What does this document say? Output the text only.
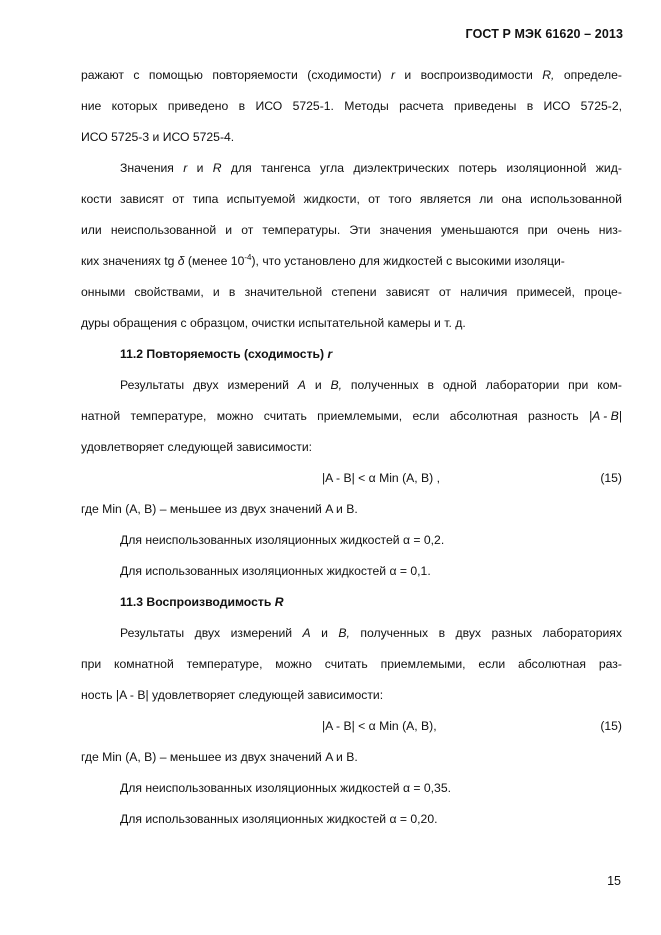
ГОСТ Р МЭК 61620 – 2013
ражают с помощью повторяемости (сходимости) r и воспроизводимости R, определе-
ние которых приведено в ИСО 5725-1. Методы расчета приведены в ИСО 5725-2,
ИСО 5725-3 и ИСО 5725-4.
Значения r и R для тангенса угла диэлектрических потерь изоляционной жид-
кости зависят от типа испытуемой жидкости, от того является ли она использованной
или неиспользованной и от температуры. Эти значения уменьшаются при очень низ-
ких значениях tg δ (менее $10^{-4}$), что установлено для жидкостей с высокими изоляци-
онными свойствами, и в значительной степени зависят от наличия примесей, проце-
дуры обращения с образцом, очистки испытательной камеры и т. д.
11.2 Повторяемость (сходимость) r
Результаты двух измерений A и B, полученных в одной лаборатории при ком-
натной температуре, можно считать приемлемыми, если абсолютная разность |A - B|
удовлетворяет следующей зависимости:
|A - B| < α Min (A, B) ,	(15)
где Min (A, B) – меньшее из двух значений A и B.
Для неиспользованных изоляционных жидкостей α = 0,2.
Для использованных изоляционных жидкостей α = 0,1.
11.3 Воспроизводимость R
Результаты двух измерений A и B, полученных в двух разных лабораториях
при комнатной температуре, можно считать приемлемыми, если абсолютная раз-
ность |A - B| удовлетворяет следующей зависимости:
|A - B| < α Min (A, B),	(15)
где Min (A, B) – меньшее из двух значений A и B.
Для неиспользованных изоляционных жидкостей α = 0,35.
Для использованных изоляционных жидкостей α = 0,20.
15
